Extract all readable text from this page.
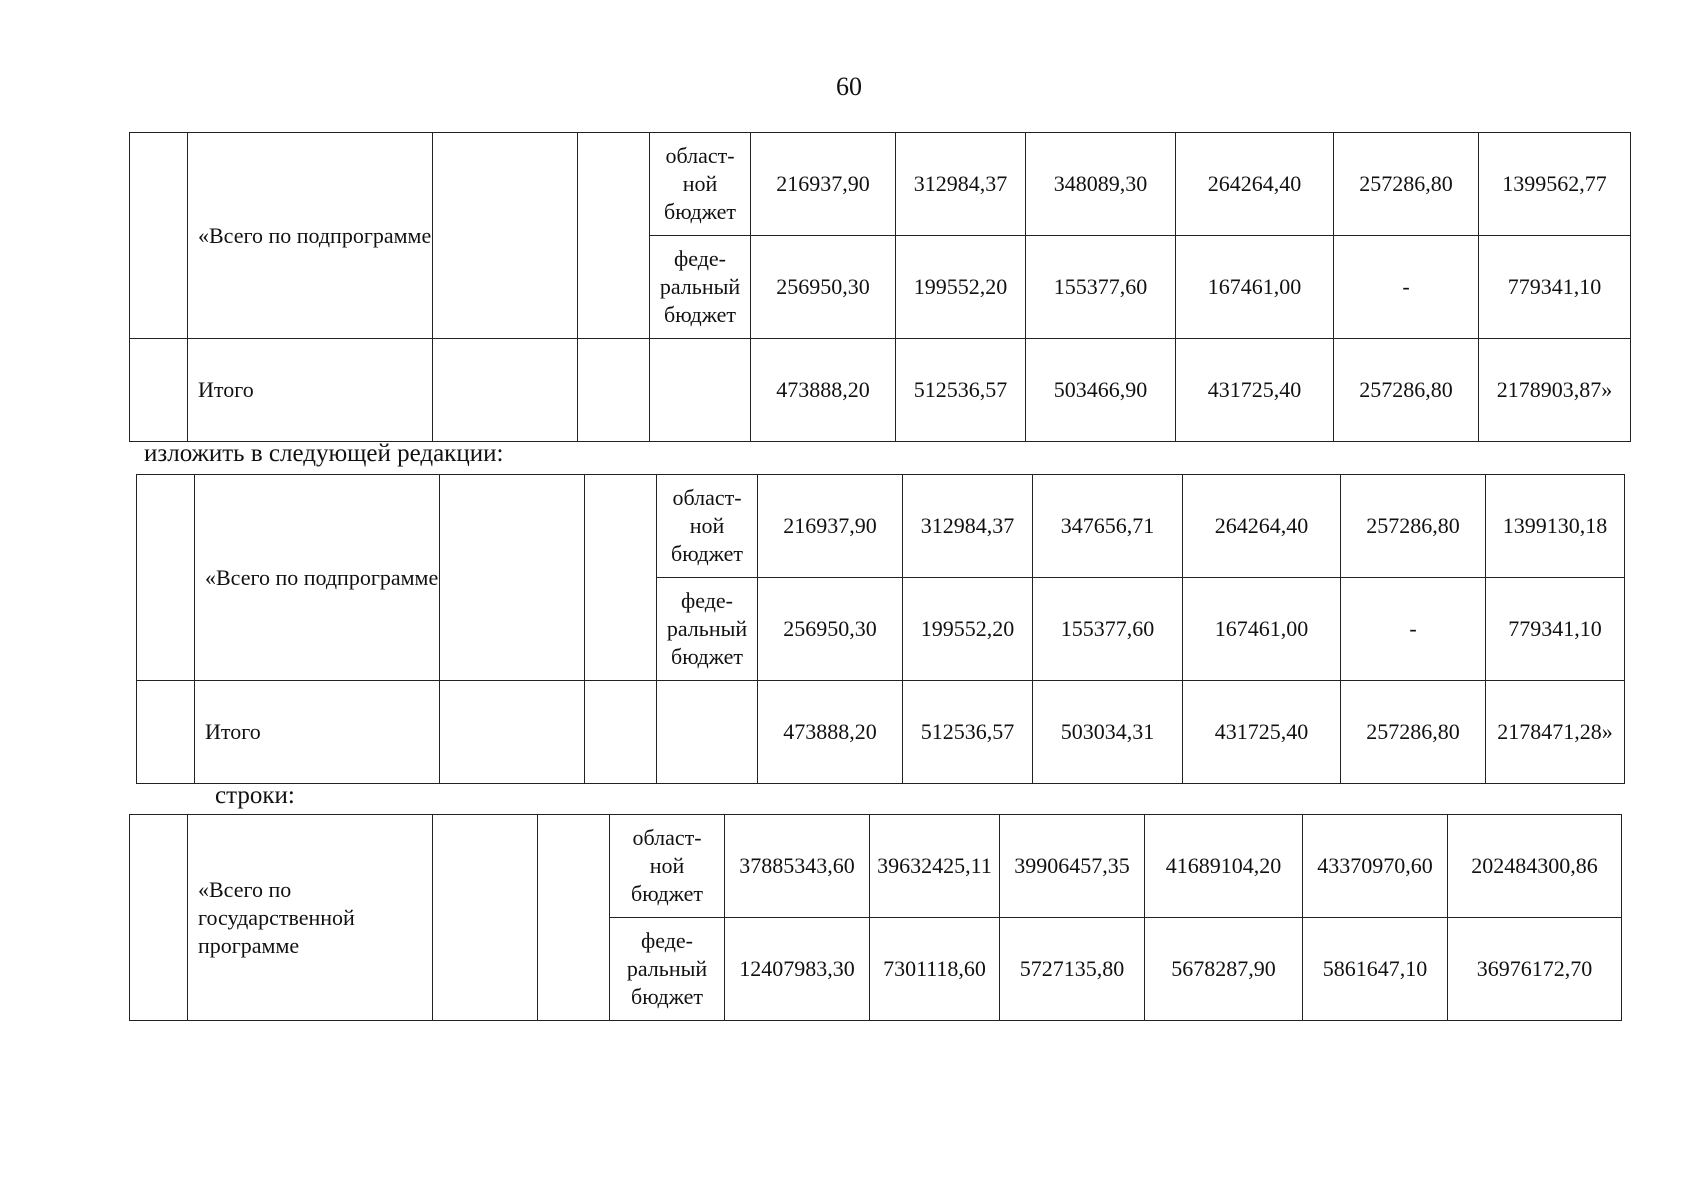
60
	«Всего по подпрограмме			област-
ной
бюджет	216937,90	312984,37	348089,30	264264,40	257286,80	1399562,77

				феде-
ральный
бюджет	256950,30	199552,20	155377,60	167461,00	-	779341,10
	Итого				473888,20	512536,57	503466,90	431725,40	257286,80	2178903,87»
изложить в следующей редакции:
	«Всего по подпрограмме			област-
ной
бюджет	216937,90	312984,37	347656,71	264264,40	257286,80	1399130,18

				феде-
ральный
бюджет	256950,30	199552,20	155377,60	167461,00	-	779341,10
	Итого				473888,20	512536,57	503034,31	431725,40	257286,80	2178471,28»
строки:
	«Всего по государственной программе			област-
ной
бюджет	37885343,60	39632425,11	39906457,35	41689104,20	43370970,60	202484300,86

				феде-
ральный
бюджет	12407983,30	7301118,60	5727135,80	5678287,90	5861647,10	36976172,70
